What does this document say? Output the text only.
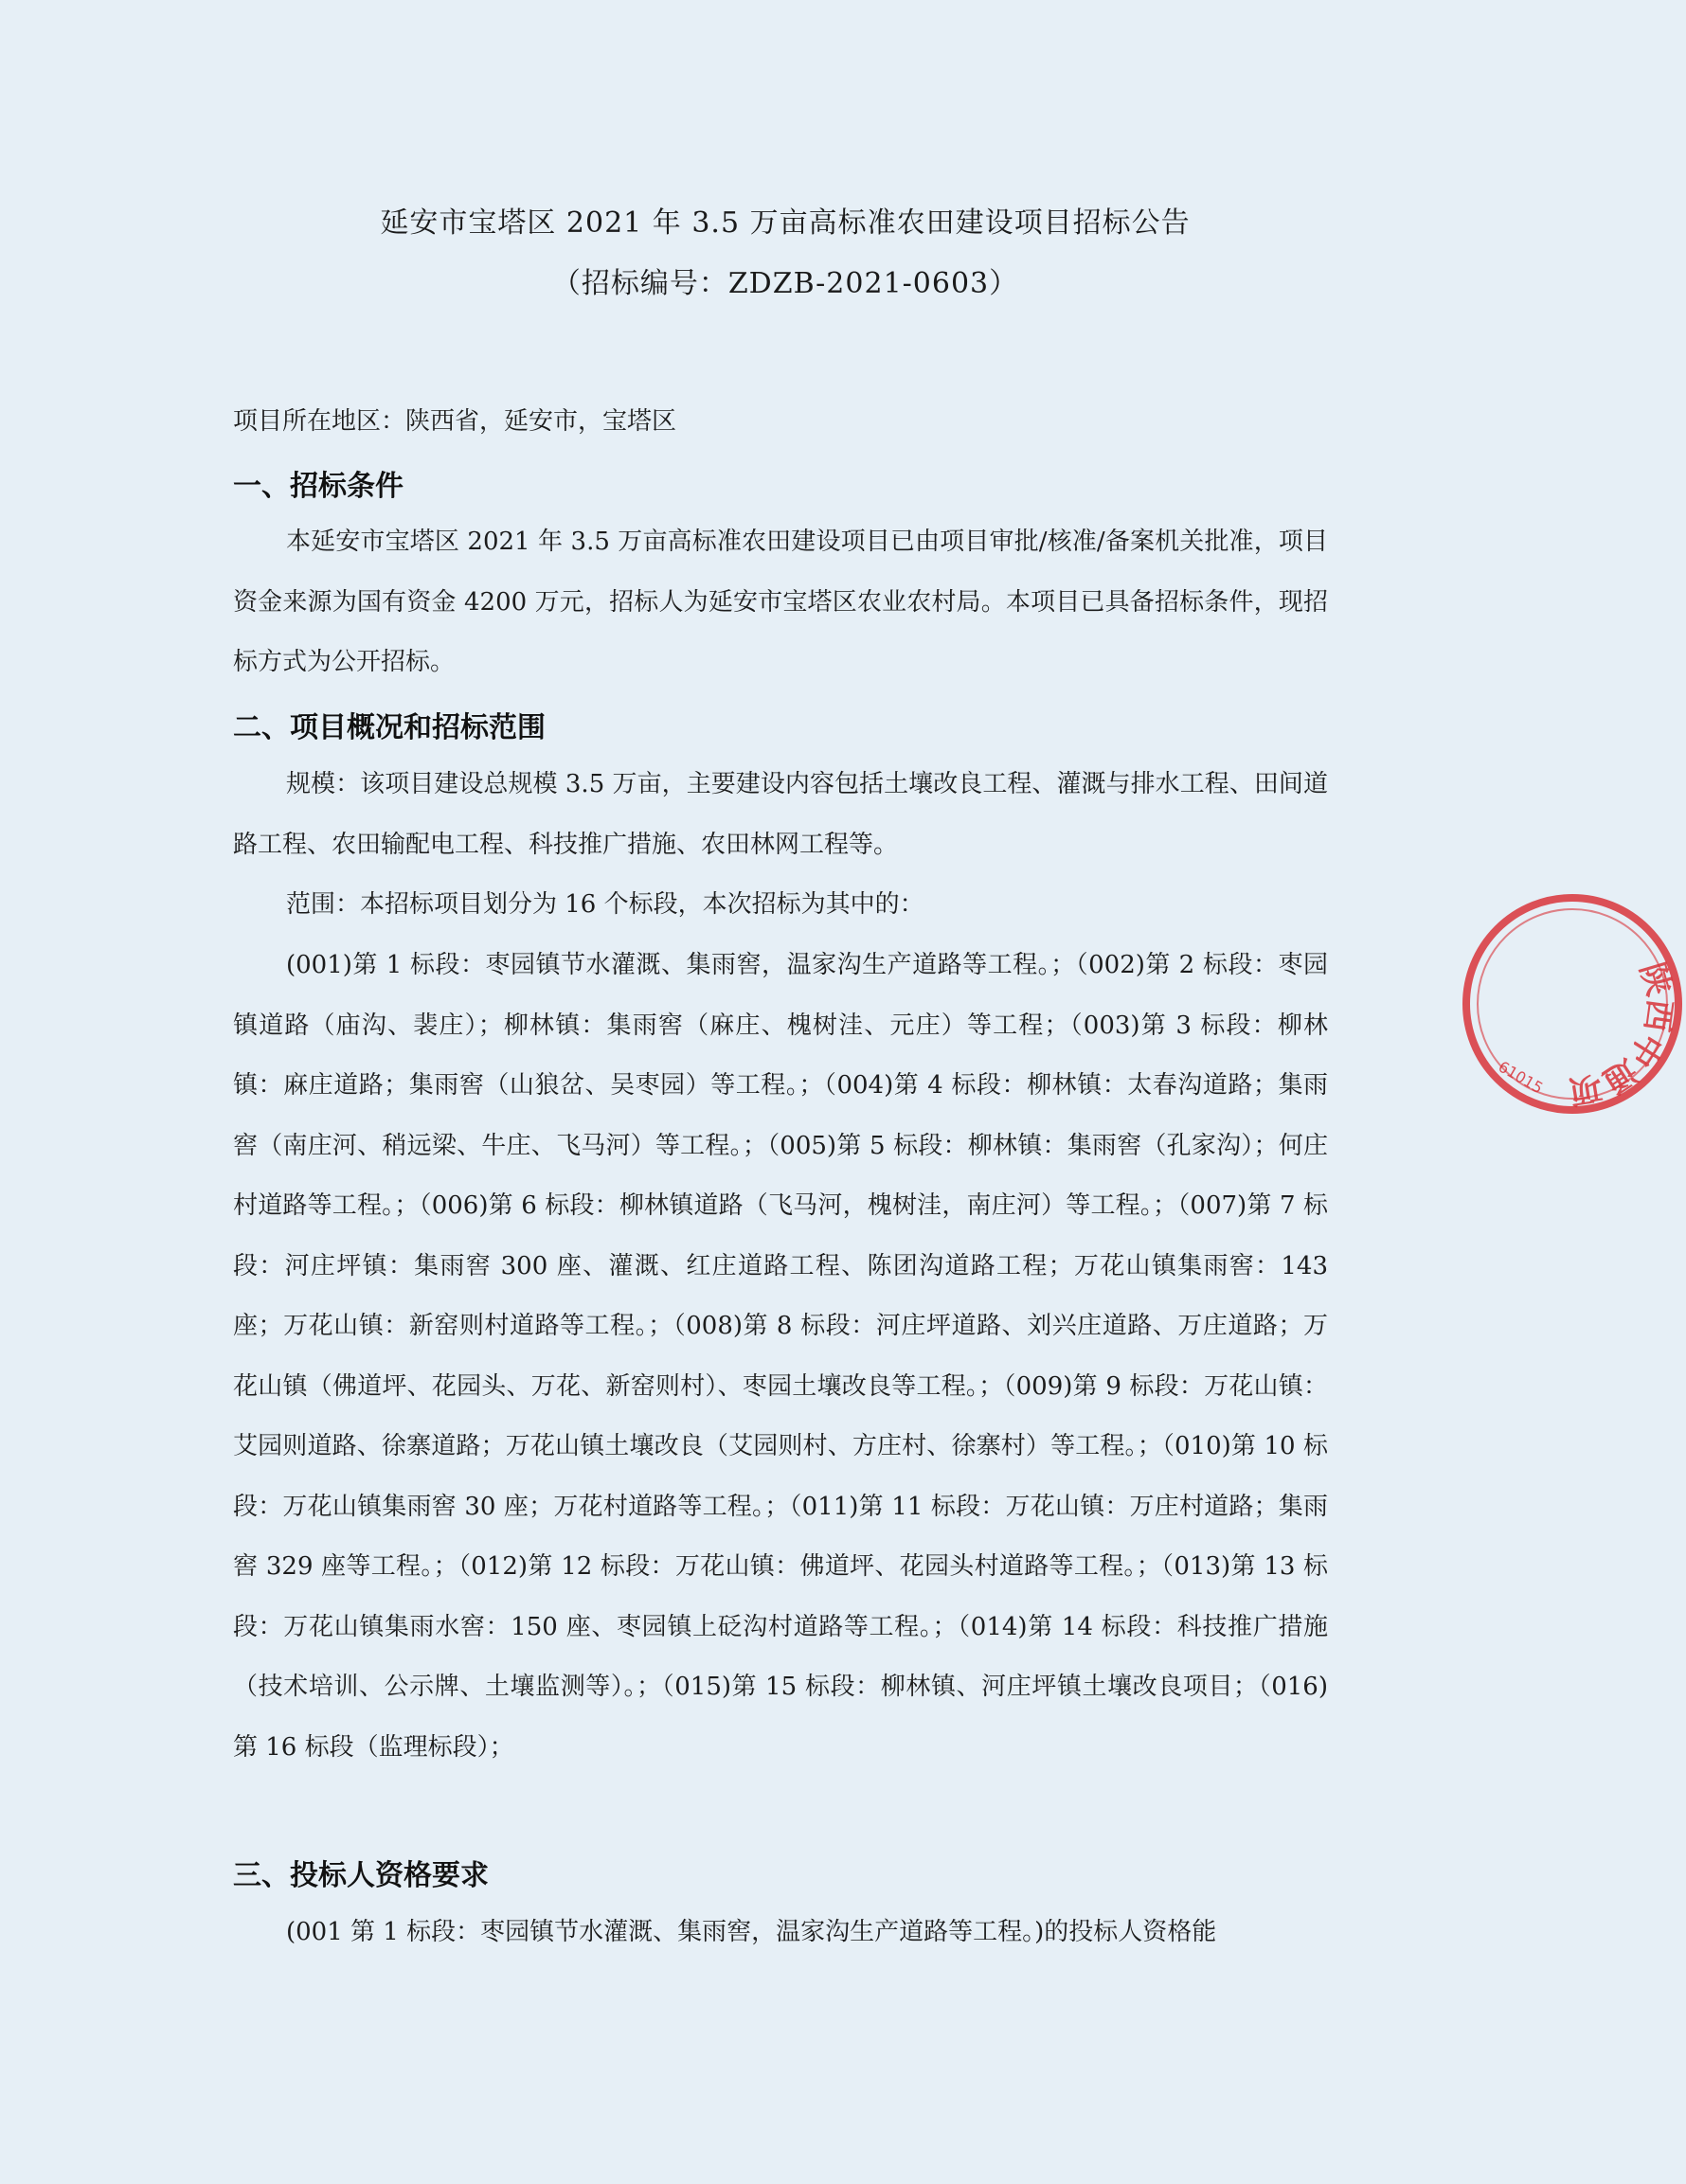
延安市宝塔区 2021 年 3.5 万亩高标准农田建设项目招标公告
（招标编号：ZDZB-2021-0603）
项目所在地区：陕西省，延安市，宝塔区
一、招标条件

本延安市宝塔区 2021 年 3.5 万亩高标准农田建设项目已由项目审批/核准/备案机关批准，项目资金来源为国有资金 4200 万元，招标人为延安市宝塔区农业农村局。本项目已具备招标条件，现招标方式为公开招标。

二、项目概况和招标范围

规模：该项目建设总规模 3.5 万亩，主要建设内容包括土壤改良工程、灌溉与排水工程、田间道路工程、农田输配电工程、科技推广措施、农田林网工程等。

范围：本招标项目划分为 16 个标段，本次招标为其中的：

(001)第 1 标段：枣园镇节水灌溉、集雨窖，温家沟生产道路等工程。；（002)第 2 标段：枣园镇道路（庙沟、裴庄）；柳林镇：集雨窖（麻庄、槐树洼、元庄）等工程；（003)第 3 标段：柳林镇：麻庄道路；集雨窖（山狼岔、吴枣园）等工程。；（004)第 4 标段：柳林镇：太春沟道路；集雨窖（南庄河、稍远梁、牛庄、飞马河）等工程。；（005)第 5 标段：柳林镇：集雨窖（孔家沟）；何庄村道路等工程。；（006)第 6 标段：柳林镇道路（飞马河，槐树洼，南庄河）等工程。；（007)第 7 标段：河庄坪镇：集雨窖 300 座、灌溉、红庄道路工程、陈团沟道路工程；万花山镇集雨窖：143 座；万花山镇：新窑则村道路等工程。；（008)第 8 标段：河庄坪道路、刘兴庄道路、万庄道路；万花山镇（佛道坪、花园头、万花、新窑则村）、枣园土壤改良等工程。；（009)第 9 标段：万花山镇：艾园则道路、徐寨道路；万花山镇土壤改良（艾园则村、方庄村、徐寨村）等工程。；（010)第 10 标段：万花山镇集雨窖 30 座；万花村道路等工程。；（011)第 11 标段：万花山镇：万庄村道路；集雨窖 329 座等工程。；（012)第 12 标段：万花山镇：佛道坪、花园头村道路等工程。；（013)第 13 标段：万花山镇集雨水窖：150 座、枣园镇上砭沟村道路等工程。；（014)第 14 标段：科技推广措施（技术培训、公示牌、土壤监测等）。；（015)第 15 标段：柳林镇、河庄坪镇土壤改良项目；（016)第 16 标段（监理标段）；

三、投标人资格要求

(001 第 1 标段：枣园镇节水灌溉、集雨窖，温家沟生产道路等工程。)的投标人资格能

陕西中通项
61015
